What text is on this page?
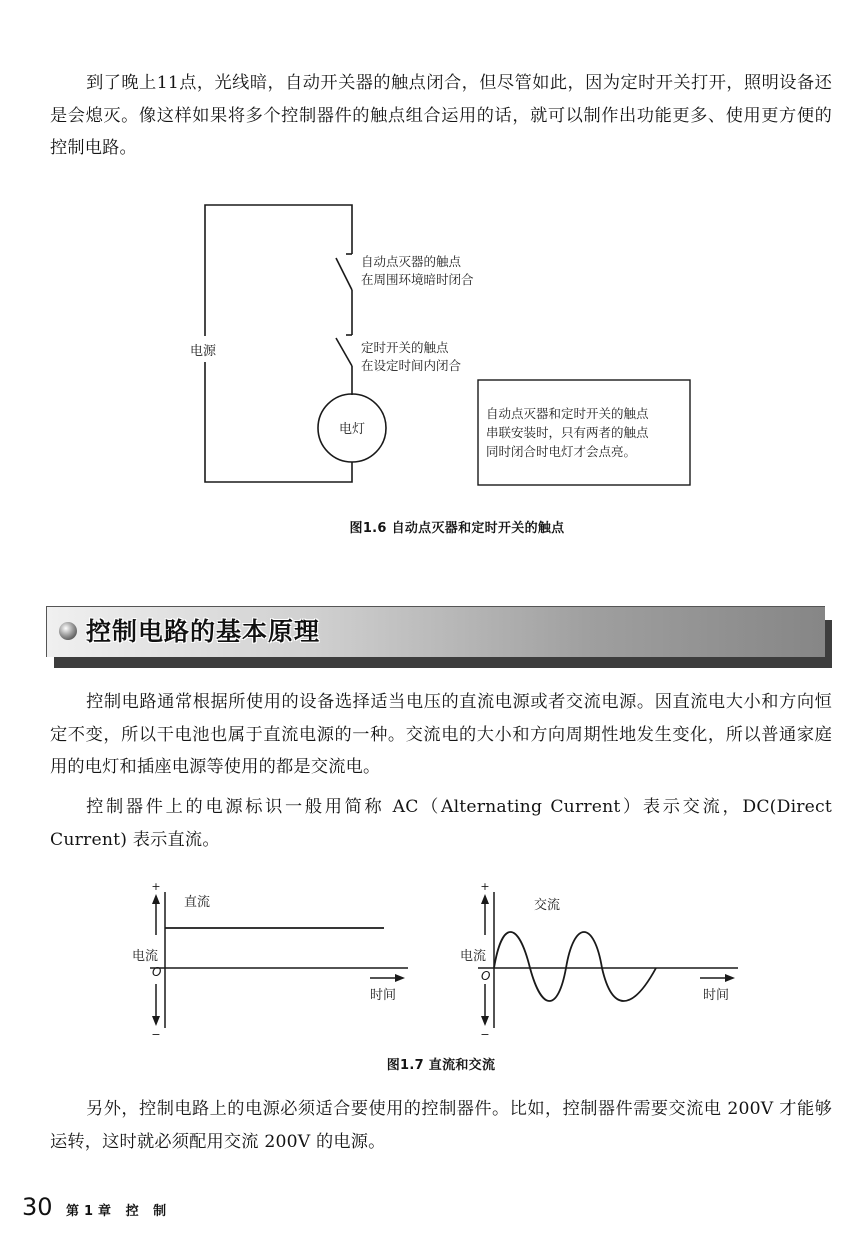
到了晚上11点，光线暗，自动开关器的触点闭合，但尽管如此，因为定时开关打开，照明设备还是会熄灭。像这样如果将多个控制器件的触点组合运用的话，就可以制作出功能更多、使用更方便的控制电路。

电源
自动点灭器的触点
在周围环境暗时闭合
定时开关的触点
在设定时间内闭合
电灯
自动点灭器和定时开关的触点
串联安装时，只有两者的触点
同时闭合时电灯才会点亮。
图1.6 自动点灭器和定时开关的触点
控制电路的基本原理

控制电路通常根据所使用的设备选择适当电压的直流电源或者交流电源。因直流电大小和方向恒定不变，所以干电池也属于直流电源的一种。交流电的大小和方向周期性地发生变化，所以普通家庭用的电灯和插座电源等使用的都是交流电。

控制器件上的电源标识一般用简称 AC（Alternating Current）表示交流，DC(Direct Current) 表示直流。

直流
+
−
电流
O
时间
交流
+
−
电流
O
时间
图1.7 直流和交流

另外，控制电路上的电源必须适合要使用的控制器件。比如，控制器件需要交流电 200V 才能够运转，这时就必须配用交流 200V 的电源。

30 第1章 控 制
